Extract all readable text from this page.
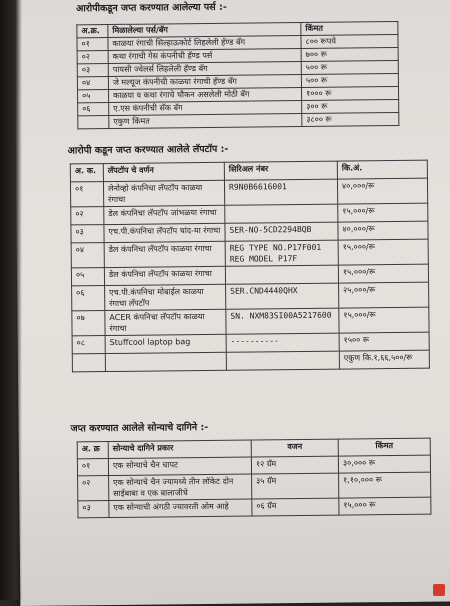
आरोपीकडून जप्त करण्यात आलेल्या पर्स :-
अ.क्र.	मिळालेल्या पर्स/बॅग	किंमत
०१	काळया रंगाची सिल्हाऊकोर्ट लिहलेली हॅण्ड बॅग	८०० रूपये
०२	कथा रंगाची गेस कंपनीची हॅण्ड पर्स	७०० रू
०३	पायसी ज्वेलर्स लिहलेली हॅण्ड बॅग	५०० रू
०४	जे मल्यूज कंपनीची काळया रंगाची हॅण्ड बॅग	५०० रू
०५	काळया व कथा रंगाचे चौकन असलेली मोठी बॅग	१००० रू
०६	ए.एस कंपनीची सॅक बॅग	३०० रू
	एकुण किंमत	३८०० रू
आरोपी कडून जप्त करण्यात आलेले लॅपटॉप :-
अ. क.	लॅपटॉप चे वर्णन	सिरिअल नंबर	कि.अं.
०१	लेनोव्हो कंपनिचा लॅपटॉप काळया रंगाचा	R9N0B6616001	४०,०००/रू
०२	डेल कंपनिचा लॅपटॉप जांभळया रंगाचा		१५,०००/रू
०३	एच.पी.कंपनिचा लॅपटॉप चांद-या रंगाचा	SER-NO-5CD2294BQB	४०,०००/रू
०४	डेल कंपनिचा लॅपटॉप काळया रंगाचा	REG TYPE NO.P17F001 REG MODEL P17F	१५,०००/रू
०५	डेल कंपनिचा लॅपटॉप काळया रंगाचा		१५,०००/रू
०६	एच.पी.कंपनिचा मोबाईल काळया रंगाचा लॅपटॉप	SER.CND4440QHX	२५,०००/रू
०७	ACER कंपनिचा लॅपटॉप काळया रंगाचा	SN. NXM83SI00A5217600	१५,०००/रू
०८	Stuffcool laptop bag	----------	१५०० रू
			एकुण कि.१,६६,५००/रू
जप्त करण्यात आलेले सोन्याचे दागिने :-
अ. क्र	सोन्याचे दागिने प्रकार	वजन	किंमत
०१	एक सोन्याचे चैन चापट	१२ ग्रॅम	३०,००० रू
०२	एक सोन्याचे चैन ज्यामध्ये तीन लॉकेट दोन साईबाबा व एक बालाजीचे	३५ ग्रॅम	१,१०,००० रू
०३	एक सोन्याची अंगठी ज्यावरती ओम आहे	०६ ग्रॅम	१५,००० रू
